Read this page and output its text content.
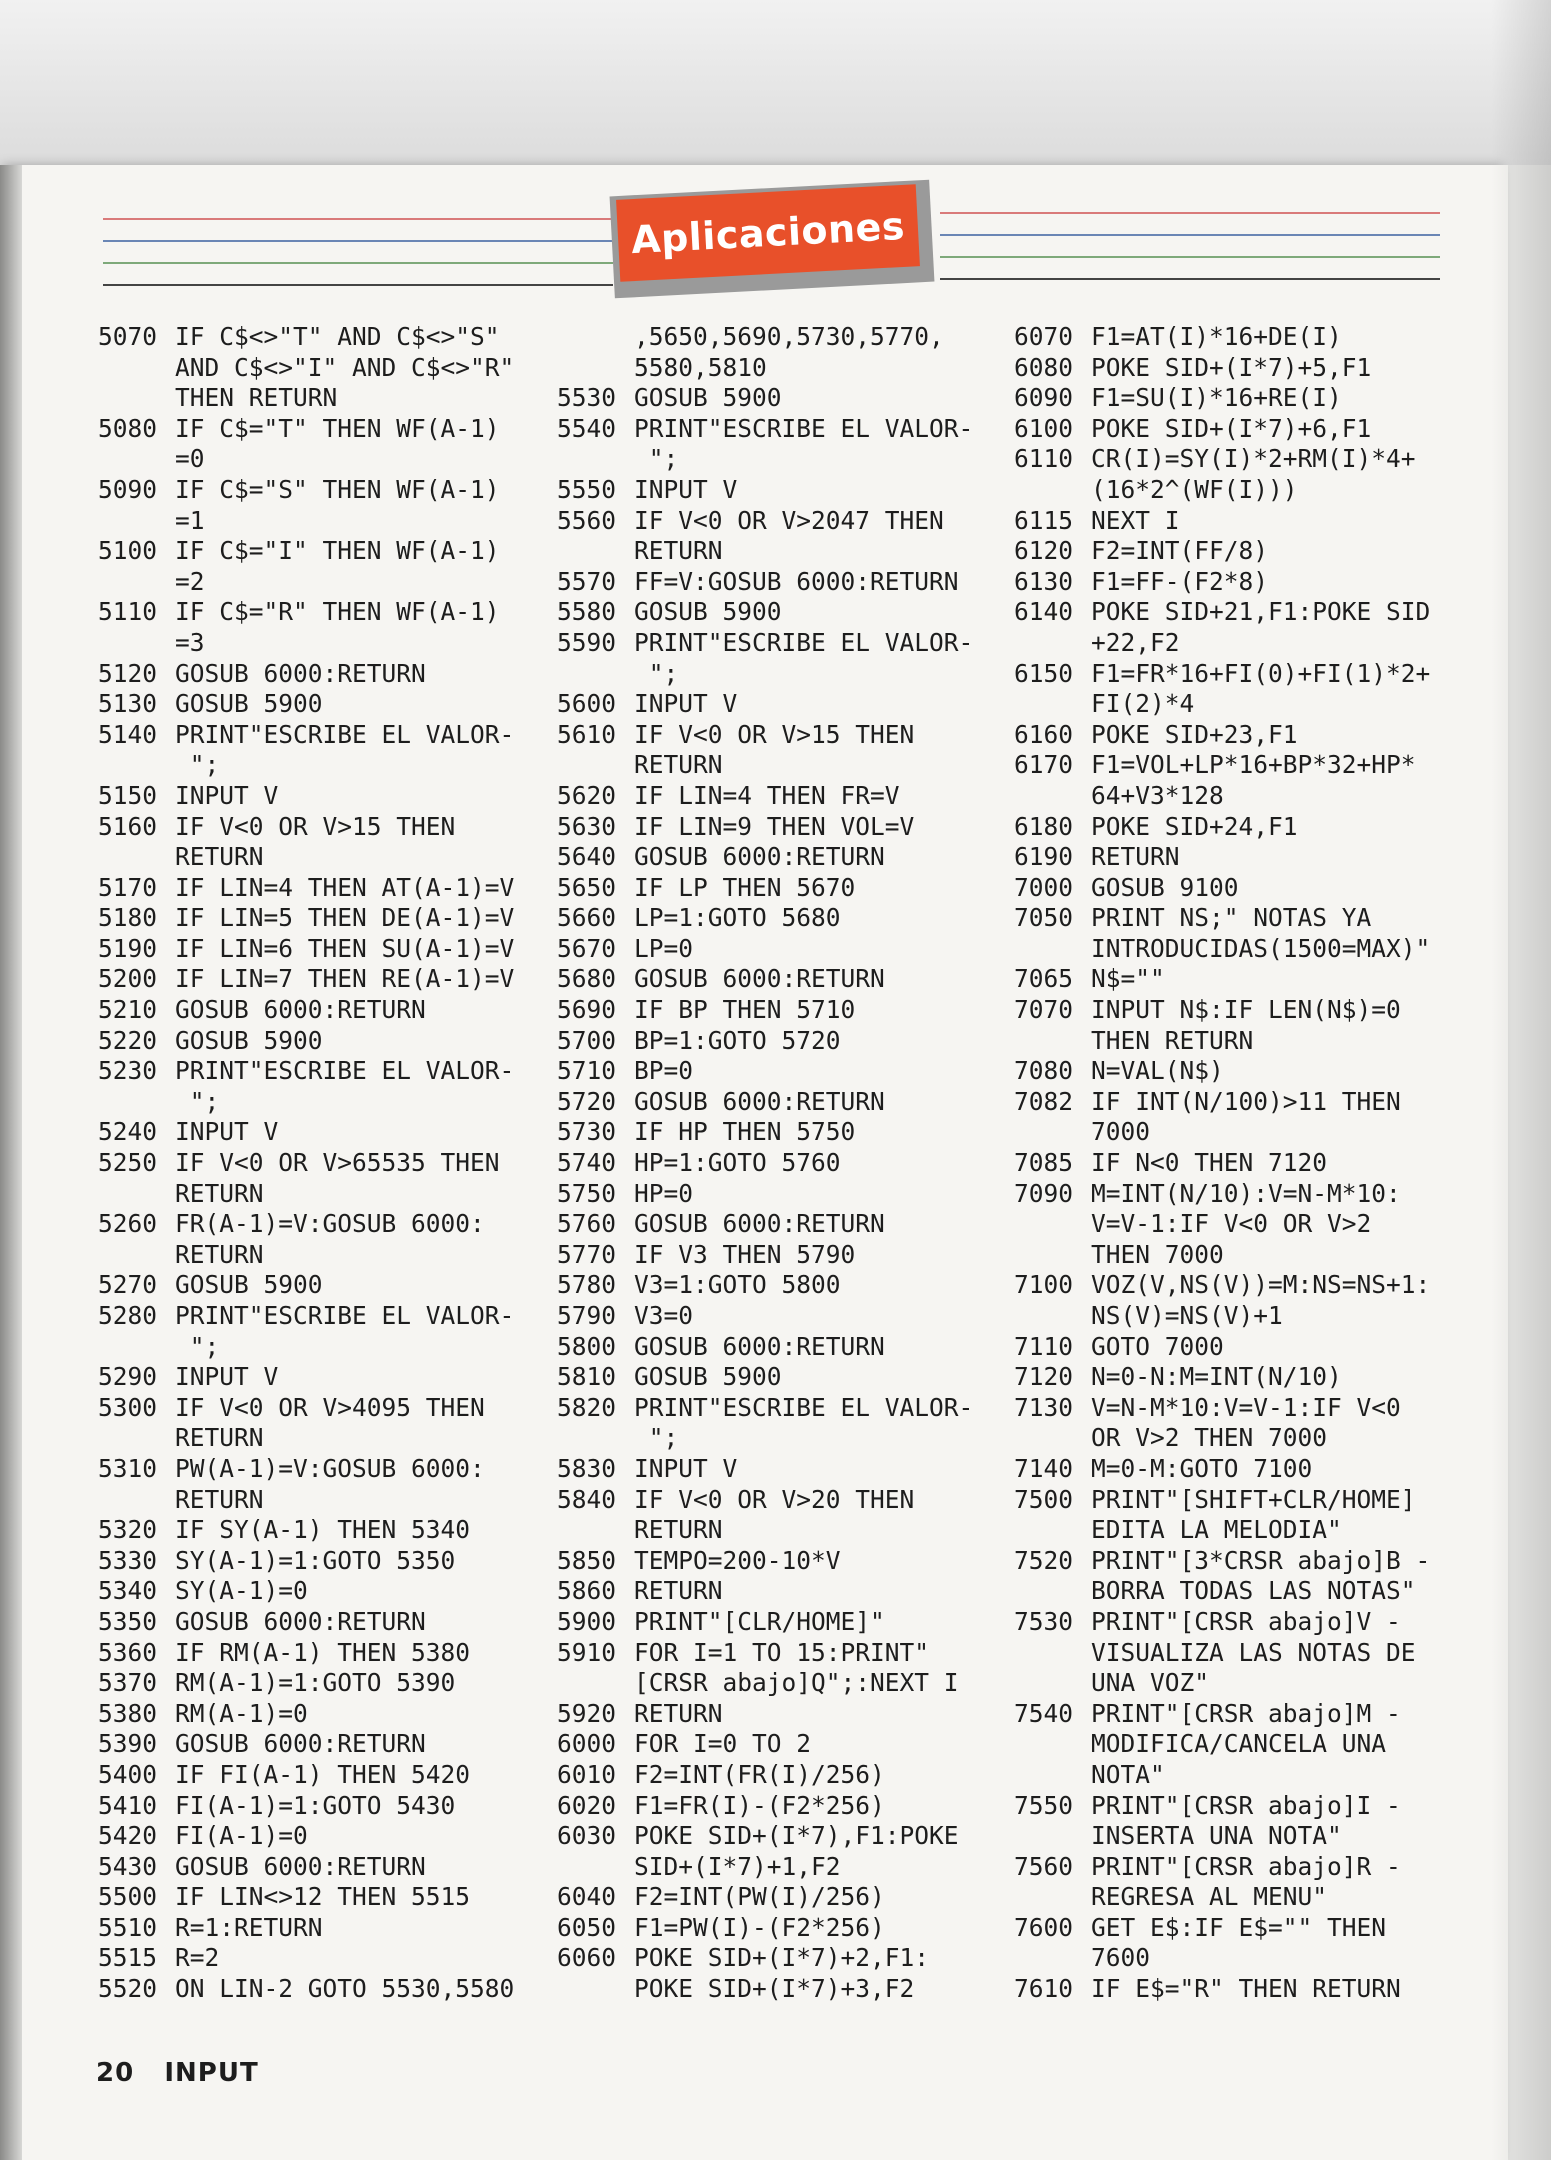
Aplicaciones
5070 IF C$<>"T" AND C$<>"S"
AND C$<>"I" AND C$<>"R"
THEN RETURN
5080 IF C$="T" THEN WF(A-1)
=0
5090 IF C$="S" THEN WF(A-1)
=1
5100 IF C$="I" THEN WF(A-1)
=2
5110 IF C$="R" THEN WF(A-1)
=3
5120 GOSUB 6000:RETURN
5130 GOSUB 5900
5140 PRINT"ESCRIBE EL VALOR-
";
5150 INPUT V
5160 IF V<0 OR V>15 THEN
RETURN
5170 IF LIN=4 THEN AT(A-1)=V
5180 IF LIN=5 THEN DE(A-1)=V
5190 IF LIN=6 THEN SU(A-1)=V
5200 IF LIN=7 THEN RE(A-1)=V
5210 GOSUB 6000:RETURN
5220 GOSUB 5900
5230 PRINT"ESCRIBE EL VALOR-
";
5240 INPUT V
5250 IF V<0 OR V>65535 THEN
RETURN
5260 FR(A-1)=V:GOSUB 6000:
RETURN
5270 GOSUB 5900
5280 PRINT"ESCRIBE EL VALOR-
";
5290 INPUT V
5300 IF V<0 OR V>4095 THEN
RETURN
5310 PW(A-1)=V:GOSUB 6000:
RETURN
5320 IF SY(A-1) THEN 5340
5330 SY(A-1)=1:GOTO 5350
5340 SY(A-1)=0
5350 GOSUB 6000:RETURN
5360 IF RM(A-1) THEN 5380
5370 RM(A-1)=1:GOTO 5390
5380 RM(A-1)=0
5390 GOSUB 6000:RETURN
5400 IF FI(A-1) THEN 5420
5410 FI(A-1)=1:GOTO 5430
5420 FI(A-1)=0
5430 GOSUB 6000:RETURN
5500 IF LIN<>12 THEN 5515
5510 R=1:RETURN
5515 R=2
5520 ON LIN-2 GOTO 5530,5580
,5650,5690,5730,5770,
5580,5810
5530 GOSUB 5900
5540 PRINT"ESCRIBE EL VALOR-
";
5550 INPUT V
5560 IF V<0 OR V>2047 THEN
RETURN
5570 FF=V:GOSUB 6000:RETURN
5580 GOSUB 5900
5590 PRINT"ESCRIBE EL VALOR-
";
5600 INPUT V
5610 IF V<0 OR V>15 THEN
RETURN
5620 IF LIN=4 THEN FR=V
5630 IF LIN=9 THEN VOL=V
5640 GOSUB 6000:RETURN
5650 IF LP THEN 5670
5660 LP=1:GOTO 5680
5670 LP=0
5680 GOSUB 6000:RETURN
5690 IF BP THEN 5710
5700 BP=1:GOTO 5720
5710 BP=0
5720 GOSUB 6000:RETURN
5730 IF HP THEN 5750
5740 HP=1:GOTO 5760
5750 HP=0
5760 GOSUB 6000:RETURN
5770 IF V3 THEN 5790
5780 V3=1:GOTO 5800
5790 V3=0
5800 GOSUB 6000:RETURN
5810 GOSUB 5900
5820 PRINT"ESCRIBE EL VALOR-
";
5830 INPUT V
5840 IF V<0 OR V>20 THEN
RETURN
5850 TEMPO=200-10*V
5860 RETURN
5900 PRINT"[CLR/HOME]"
5910 FOR I=1 TO 15:PRINT"
[CRSR abajo]Q";:NEXT I
5920 RETURN
6000 FOR I=0 TO 2
6010 F2=INT(FR(I)/256)
6020 F1=FR(I)-(F2*256)
6030 POKE SID+(I*7),F1:POKE
SID+(I*7)+1,F2
6040 F2=INT(PW(I)/256)
6050 F1=PW(I)-(F2*256)
6060 POKE SID+(I*7)+2,F1:
POKE SID+(I*7)+3,F2
6070 F1=AT(I)*16+DE(I)
6080 POKE SID+(I*7)+5,F1
6090 F1=SU(I)*16+RE(I)
6100 POKE SID+(I*7)+6,F1
6110 CR(I)=SY(I)*2+RM(I)*4+
(16*2^(WF(I)))
6115 NEXT I
6120 F2=INT(FF/8)
6130 F1=FF-(F2*8)
6140 POKE SID+21,F1:POKE SID
+22,F2
6150 F1=FR*16+FI(0)+FI(1)*2+
FI(2)*4
6160 POKE SID+23,F1
6170 F1=VOL+LP*16+BP*32+HP*
64+V3*128
6180 POKE SID+24,F1
6190 RETURN
7000 GOSUB 9100
7050 PRINT NS;" NOTAS YA
INTRODUCIDAS(1500=MAX)"
7065 N$=""
7070 INPUT N$:IF LEN(N$)=0
THEN RETURN
7080 N=VAL(N$)
7082 IF INT(N/100)>11 THEN
7000
7085 IF N<0 THEN 7120
7090 M=INT(N/10):V=N-M*10:
V=V-1:IF V<0 OR V>2
THEN 7000
7100 VOZ(V,NS(V))=M:NS=NS+1:
NS(V)=NS(V)+1
7110 GOTO 7000
7120 N=0-N:M=INT(N/10)
7130 V=N-M*10:V=V-1:IF V<0
OR V>2 THEN 7000
7140 M=0-M:GOTO 7100
7500 PRINT"[SHIFT+CLR/HOME]
EDITA LA MELODIA"
7520 PRINT"[3*CRSR abajo]B -
BORRA TODAS LAS NOTAS"
7530 PRINT"[CRSR abajo]V -
VISUALIZA LAS NOTAS DE
UNA VOZ"
7540 PRINT"[CRSR abajo]M -
MODIFICA/CANCELA UNA
NOTA"
7550 PRINT"[CRSR abajo]I -
INSERTA UNA NOTA"
7560 PRINT"[CRSR abajo]R -
REGRESA AL MENU"
7600 GET E$:IF E$="" THEN
7600
7610 IF E$="R" THEN RETURN
20 INPUT
